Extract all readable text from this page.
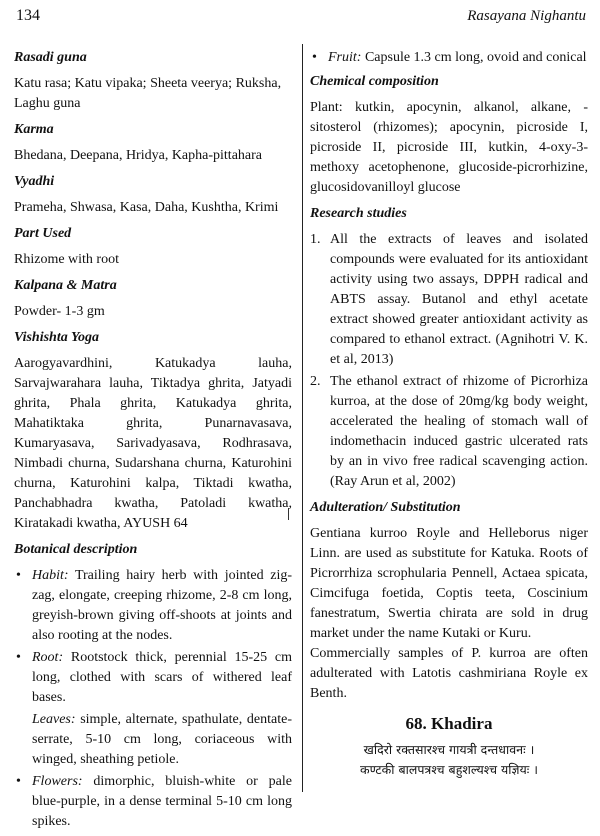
134	Rasayana Nighantu

Rasadi guna

Katu rasa; Katu vipaka; Sheeta veerya; Ruksha, Laghu guna

Karma

Bhedana, Deepana, Hridya, Kapha-pittahara

Vyadhi

Prameha, Shwasa, Kasa, Daha, Kushtha, Krimi

Part Used

Rhizome with root

Kalpana & Matra

Powder- 1-3 gm

Vishishta Yoga

Aarogyavardhini, Katukadya lauha, Sarvajwarahara lauha, Tiktadya ghrita, Jatyadi ghrita, Phala ghrita, Katukadya ghrita, Mahatiktaka ghrita, Punarnavasava, Kumaryasava, Sarivadyasava, Rodhrasava, Nimbadi churna, Sudarshana churna, Katurohini churna, Katurohini kalpa, Tiktadi kwatha, Panchabhadra kwatha, Patoladi kwatha, Kiratakadi kwatha, AYUSH 64

Botanical description

• Habit: Trailing hairy herb with jointed zig-zag, elongate, creeping rhizome, 2-8 cm long, greyish-brown giving off-shoots at joints and also rooting at the nodes.
• Root: Rootstock thick, perennial 15-25 cm long, clothed with scars of withered leaf bases.
Leaves: simple, alternate, spathulate, dentate-serrate, 5-10 cm long, coriaceous with winged, sheathing petiole.
• Flowers: dimorphic, bluish-white or pale blue-purple, in a dense terminal 5-10 cm long spikes.
• Fruit: Capsule 1.3 cm long, ovoid and conical

Chemical composition

Plant: kutkin, apocynin, alkanol, alkane, -sitosterol (rhizomes); apocynin, picroside I, picroside II, picroside III, kutkin, 4-oxy-3-methoxy acetophenone, glucoside-picrorhizine, glucosidovanilloyl glucose

Research studies

1. All the extracts of leaves and isolated compounds were evaluated for its antioxidant activity using two assays, DPPH radical and ABTS assay. Butanol and ethyl acetate extract showed greater antioxidant activity as compared to ethanol extract. (Agnihotri V. K. et al, 2013)
2. The ethanol extract of rhizome of Picrorhiza kurroa, at the dose of 20mg/kg body weight, accelerated the healing of stomach wall of indomethacin induced gastric ulcerated rats by an in vivo free radical scavenging action. (Ray Arun et al, 2002)

Adulteration/ Substitution

Gentiana kurroo Royle and Helleborus niger Linn. are used as substitute for Katuka. Roots of Picrorrhiza scrophularia Pennell, Actaea spicata, Cimcifuga foetida, Coptis teeta, Coscinium fanestratum, Swertia chirata are sold in drug market under the name Kutaki or Kuru.

Commercially samples of P. kurroa are often adulterated with Latotis cashmiriana Royle ex Benth.

68. Khadira

खदिरो रक्तसारश्च गायत्री दन्तधावनः ।

कण्टकी बालपत्रश्च बहुशल्यश्च यज्ञियः ।
